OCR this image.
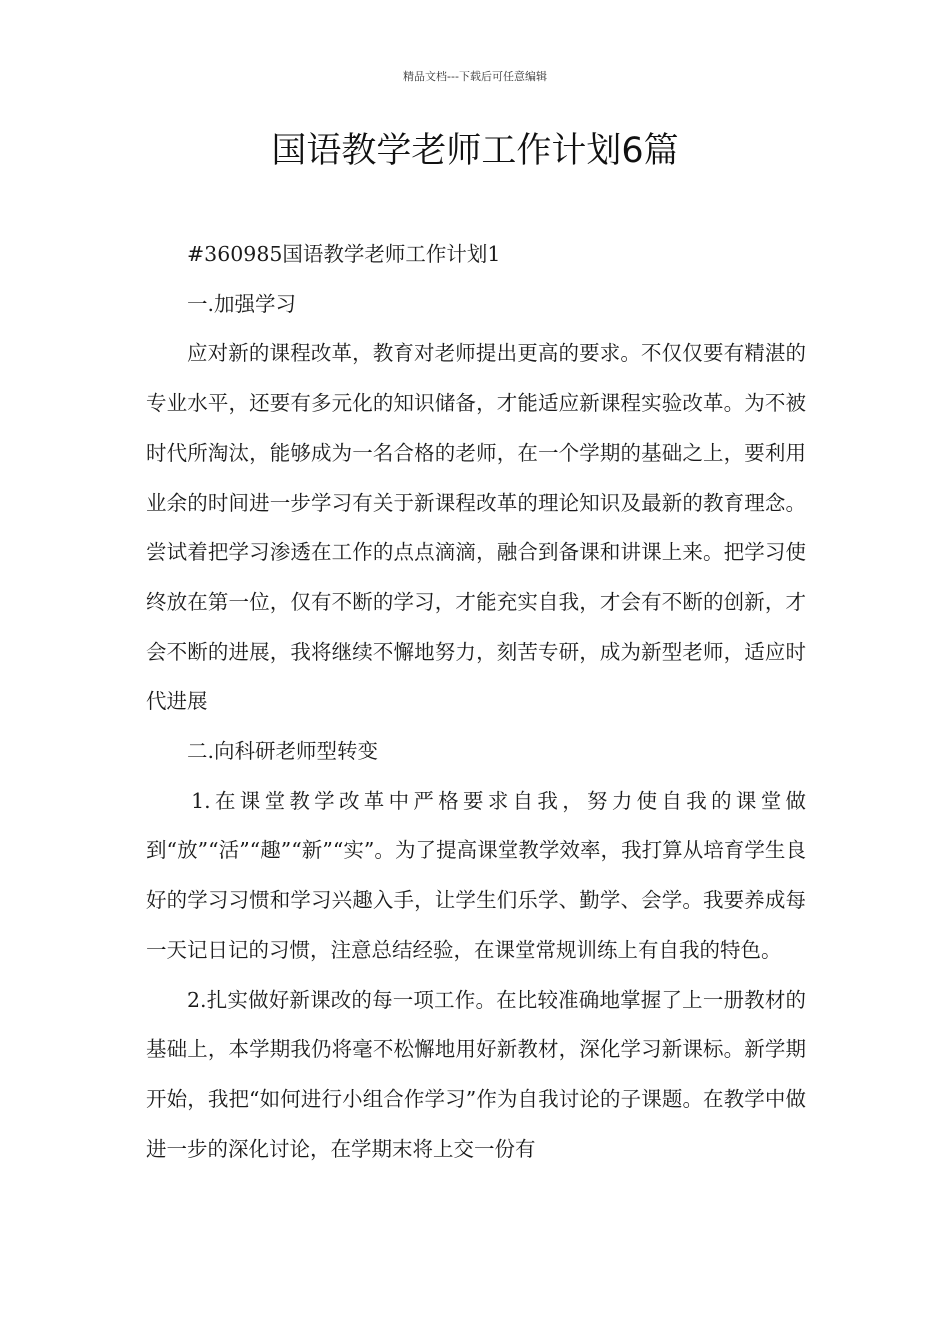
精品文档---下载后可任意编辑
国语教学老师工作计划6篇

#360985国语教学老师工作计划1

一.加强学习

应对新的课程改革，教育对老师提出更高的要求。不仅仅要有精湛的专业水平，还要有多元化的知识储备，才能适应新课程实验改革。为不被时代所淘汰，能够成为一名合格的老师，在一个学期的基础之上，要利用业余的时间进一步学习有关于新课程改革的理论知识及最新的教育理念。尝试着把学习渗透在工作的点点滴滴，融合到备课和讲课上来。把学习使终放在第一位，仅有不断的学习，才能充实自我，才会有不断的创新，才会不断的进展，我将继续不懈地努力，刻苦专研，成为新型老师，适应时代进展

二.向科研老师型转变

1.在课堂教学改革中严格要求自我，努力使自我的课堂做到“放”“活”“趣”“新”“实”。为了提高课堂教学效率，我打算从培育学生良好的学习习惯和学习兴趣入手，让学生们乐学、勤学、会学。我要养成每一天记日记的习惯，注意总结经验，在课堂常规训练上有自我的特色。

2.扎实做好新课改的每一项工作。在比较准确地掌握了上一册教材的基础上，本学期我仍将毫不松懈地用好新教材，深化学习新课标。新学期开始，我把“如何进行小组合作学习”作为自我讨论的子课题。在教学中做进一步的深化讨论，在学期末将上交一份有
